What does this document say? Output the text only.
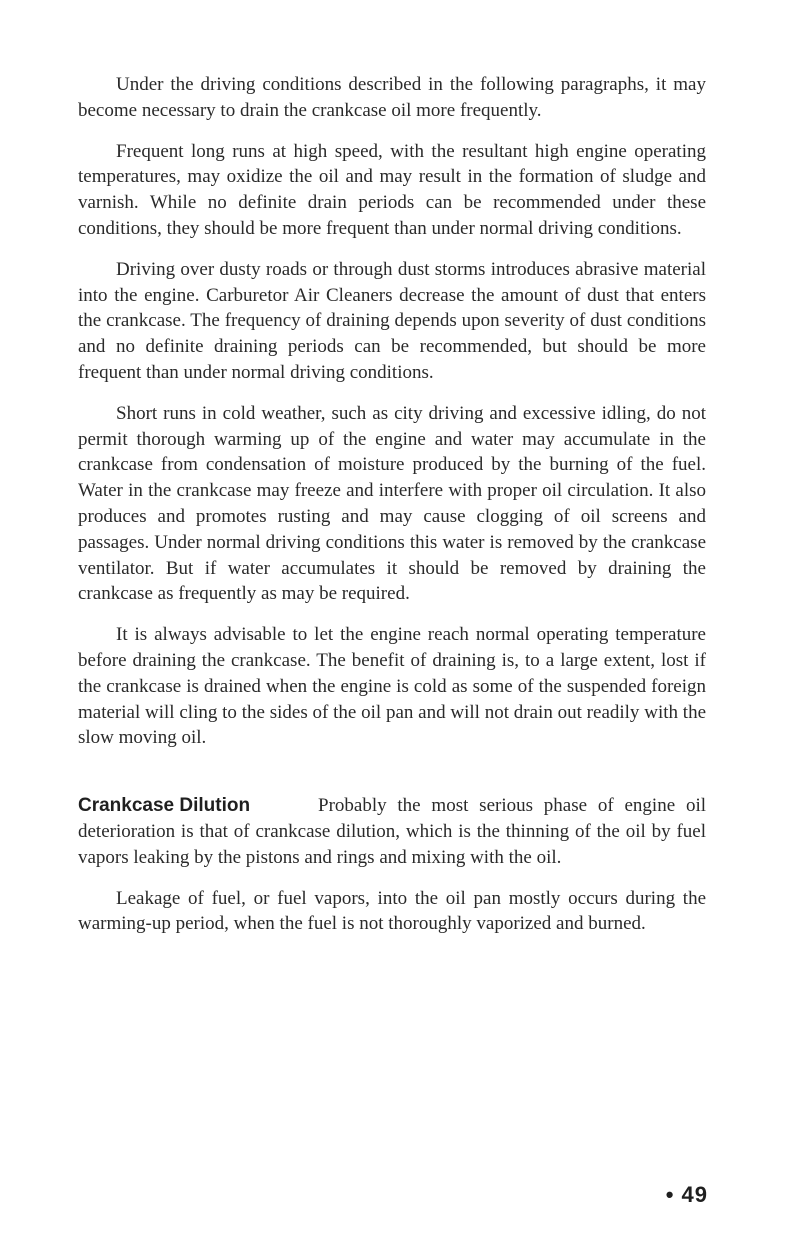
Under the driving conditions described in the following paragraphs, it may become necessary to drain the crankcase oil more frequently.

Frequent long runs at high speed, with the resultant high engine operating temperatures, may oxidize the oil and may result in the formation of sludge and varnish. While no definite drain periods can be recommended under these conditions, they should be more frequent than under normal driving conditions.

Driving over dusty roads or through dust storms introduces abrasive material into the engine. Carburetor Air Cleaners decrease the amount of dust that enters the crankcase. The frequency of draining depends upon severity of dust conditions and no definite draining periods can be recommended, but should be more frequent than under normal driving conditions.

Short runs in cold weather, such as city driving and excessive idling, do not permit thorough warming up of the engine and water may accumulate in the crankcase from condensation of moisture produced by the burning of the fuel. Water in the crankcase may freeze and interfere with proper oil circulation. It also produces and promotes rusting and may cause clogging of oil screens and passages. Under normal driving conditions this water is removed by the crankcase ventilator. But if water accumulates it should be removed by draining the crankcase as frequently as may be required.

It is always advisable to let the engine reach normal operating temperature before draining the crankcase. The benefit of draining is, to a large extent, lost if the crankcase is drained when the engine is cold as some of the suspended foreign material will cling to the sides of the oil pan and will not drain out readily with the slow moving oil.

Crankcase Dilution	Probably the most serious phase of engine oil deterioration is that of crankcase dilution, which is the thinning of the oil by fuel vapors leaking by the pistons and rings and mixing with the oil.

Leakage of fuel, or fuel vapors, into the oil pan mostly occurs during the warming-up period, when the fuel is not thoroughly vaporized and burned.

• 49
